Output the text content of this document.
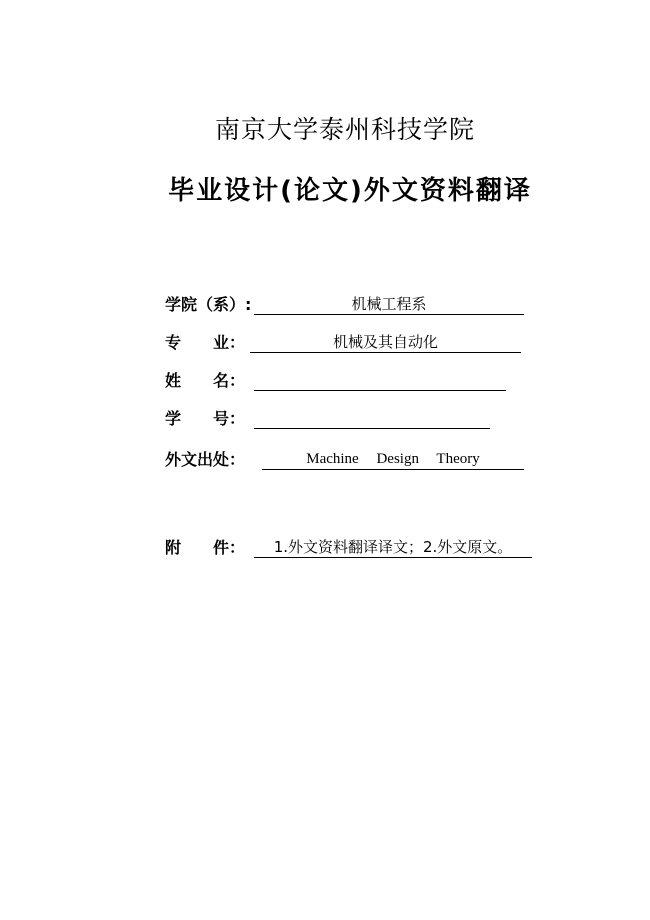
南京大学泰州科技学院
毕业设计(论文)外文资料翻译
学院（系）:	机械工程系
专　　业：	机械及其自动化
姓　　名：
学　　号：
外文出处：	Machine Design Theory
附　　件：	1.外文资料翻译译文；2.外文原文。
